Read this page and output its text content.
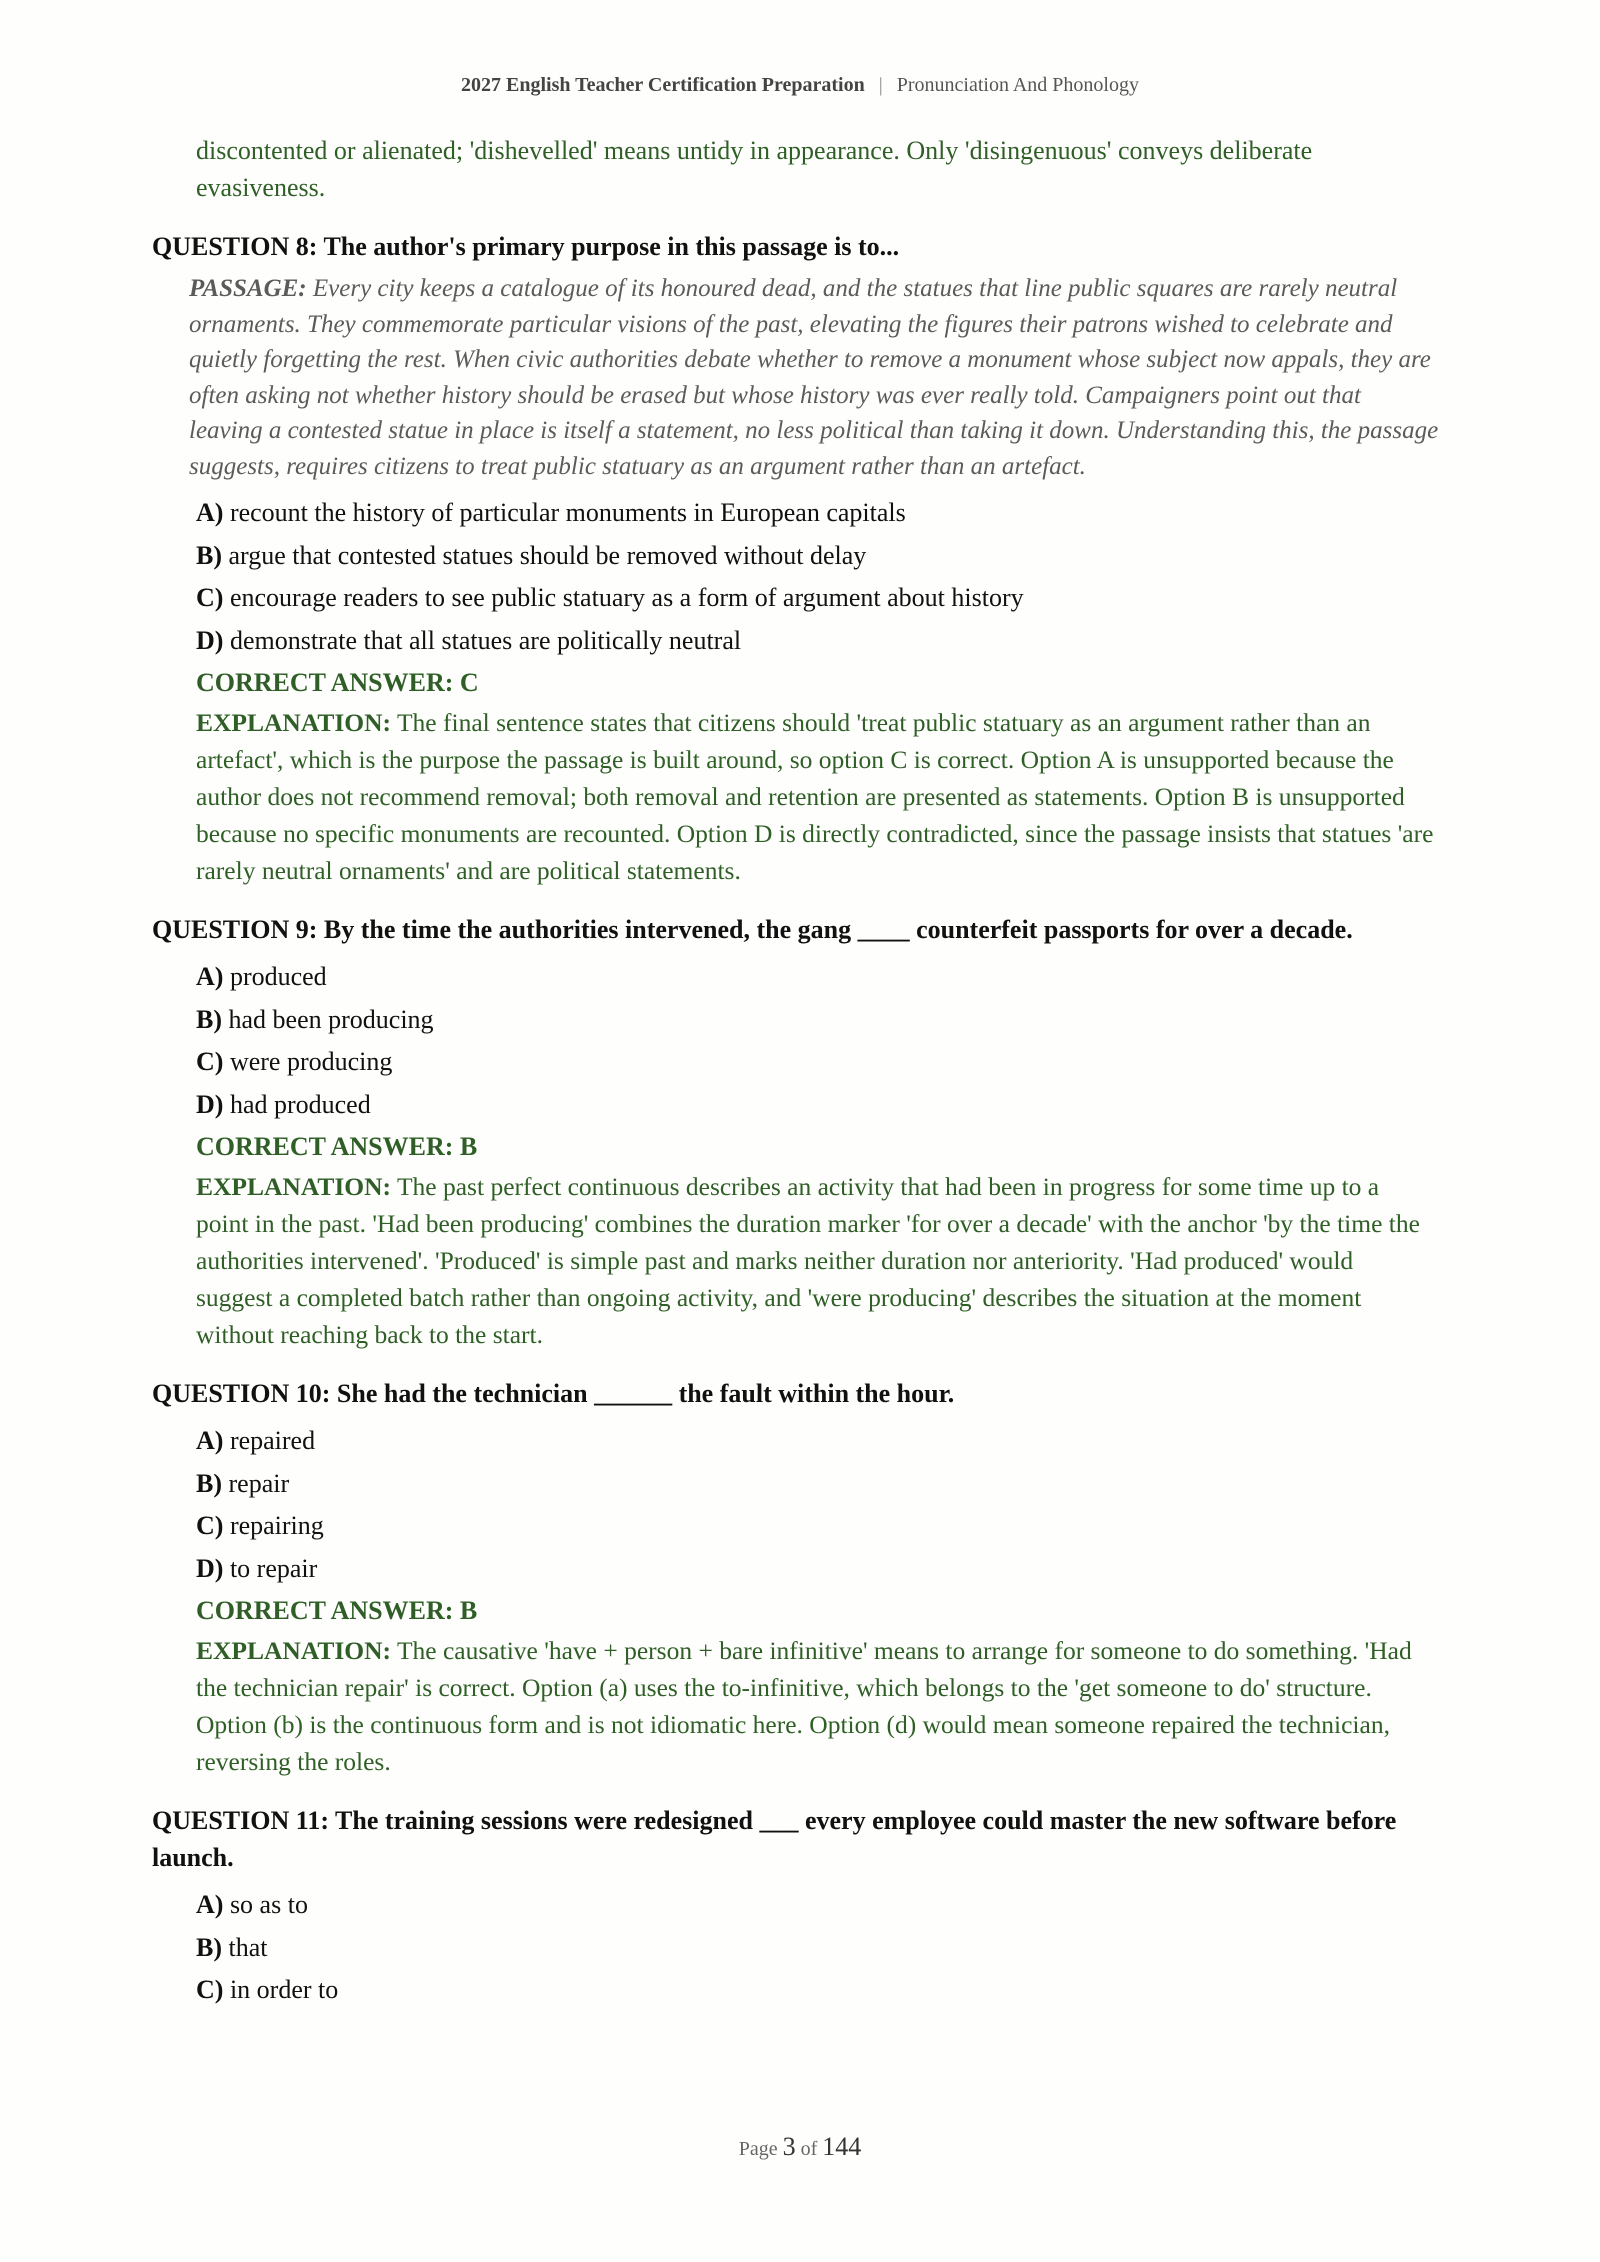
2027 English Teacher Certification Preparation | Pronunciation And Phonology
discontented or alienated; 'dishevelled' means untidy in appearance. Only 'disingenuous' conveys deliberate evasiveness.
QUESTION 8: The author's primary purpose in this passage is to...
PASSAGE: Every city keeps a catalogue of its honoured dead, and the statues that line public squares are rarely neutral ornaments. They commemorate particular visions of the past, elevating the figures their patrons wished to celebrate and quietly forgetting the rest. When civic authorities debate whether to remove a monument whose subject now appals, they are often asking not whether history should be erased but whose history was ever really told. Campaigners point out that leaving a contested statue in place is itself a statement, no less political than taking it down. Understanding this, the passage suggests, requires citizens to treat public statuary as an argument rather than an artefact.
A) recount the history of particular monuments in European capitals
B) argue that contested statues should be removed without delay
C) encourage readers to see public statuary as a form of argument about history
D) demonstrate that all statues are politically neutral
CORRECT ANSWER: C
EXPLANATION: The final sentence states that citizens should 'treat public statuary as an argument rather than an artefact', which is the purpose the passage is built around, so option C is correct. Option A is unsupported because the author does not recommend removal; both removal and retention are presented as statements. Option B is unsupported because no specific monuments are recounted. Option D is directly contradicted, since the passage insists that statues 'are rarely neutral ornaments' and are political statements.
QUESTION 9: By the time the authorities intervened, the gang ____ counterfeit passports for over a decade.
A) produced
B) had been producing
C) were producing
D) had produced
CORRECT ANSWER: B
EXPLANATION: The past perfect continuous describes an activity that had been in progress for some time up to a point in the past. 'Had been producing' combines the duration marker 'for over a decade' with the anchor 'by the time the authorities intervened'. 'Produced' is simple past and marks neither duration nor anteriority. 'Had produced' would suggest a completed batch rather than ongoing activity, and 'were producing' describes the situation at the moment without reaching back to the start.
QUESTION 10: She had the technician ______ the fault within the hour.
A) repaired
B) repair
C) repairing
D) to repair
CORRECT ANSWER: B
EXPLANATION: The causative 'have + person + bare infinitive' means to arrange for someone to do something. 'Had the technician repair' is correct. Option (a) uses the to-infinitive, which belongs to the 'get someone to do' structure. Option (b) is the continuous form and is not idiomatic here. Option (d) would mean someone repaired the technician, reversing the roles.
QUESTION 11: The training sessions were redesigned ___ every employee could master the new software before launch.
A) so as to
B) that
C) in order to
Page 3 of 144
